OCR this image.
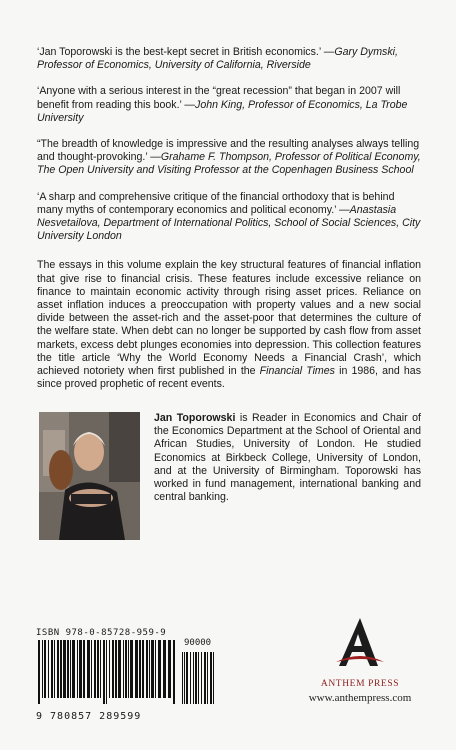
‘Jan Toporowski is the best-kept secret in British economics.’ —Gary Dymski, Professor of Economics, University of California, Riverside

‘Anyone with a serious interest in the “great recession” that began in 2007 will benefit from reading this book.’ —John King, Professor of Economics, La Trobe University

“The breadth of knowledge is impressive and the resulting analyses always telling and thought-provoking.’ —Grahame F. Thompson, Professor of Political Economy, The Open University and Visiting Professor at the Copenhagen Business School

‘A sharp and comprehensive critique of the financial orthodoxy that is behind many myths of contemporary economics and political economy.’ —Anastasia Nesvetailova, Department of International Politics, School of Social Sciences, City University London

The essays in this volume explain the key structural features of financial inflation that give rise to financial crisis. These features include excessive reliance on finance to maintain economic activity through rising asset prices. Reliance on asset inflation induces a preoccupation with property values and a new social divide between the asset-rich and the asset-poor that determines the culture of the welfare state. When debt can no longer be supported by cash flow from asset markets, excess debt plunges economies into depression. This collection features the title article ‘Why the World Economy Needs a Financial Crash’, which achieved notoriety when first published in the Financial Times in 1986, and has since proved prophetic of recent events.

Jan Toporowski is Reader in Economics and Chair of the Economics Department at the School of Oriental and African Studies, University of London. He studied Economics at Birkbeck College, University of London, and at the University of Birmingham. Toporowski has worked in fund management, international banking and central banking.

ISBN 978-0-85728-959-9
9 780857 289599
90000
ANTHEM PRESS
www.anthempress.com
